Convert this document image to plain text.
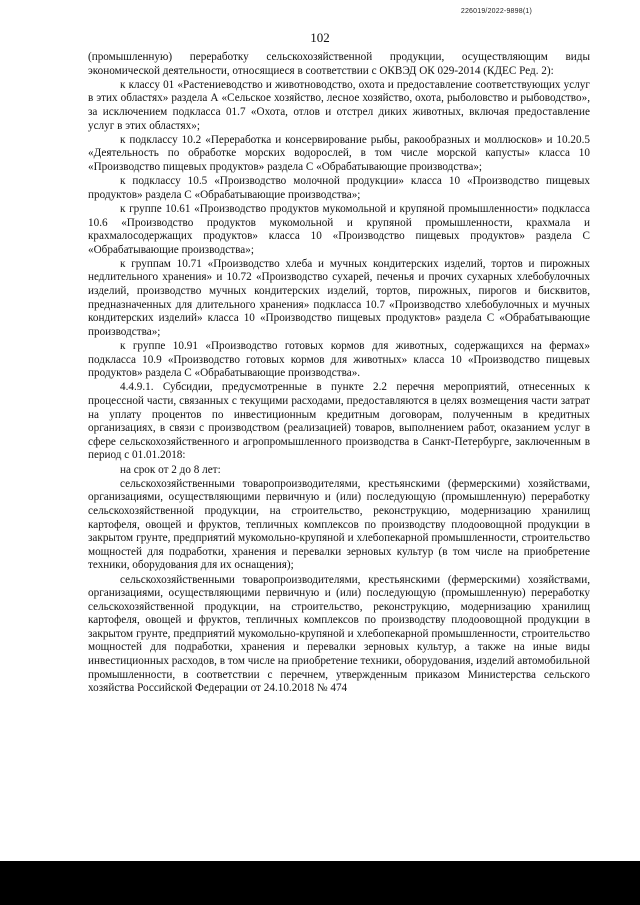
226019/2022-9898(1)
102

(промышленную) переработку сельскохозяйственной продукции, осуществляющим виды экономической деятельности, относящиеся в соответствии с ОКВЭД ОК 029-2014 (КДЕС Ред. 2):

к классу 01 «Растениеводство и животноводство, охота и предоставление соответствующих услуг в этих областях» раздела А «Сельское хозяйство, лесное хозяйство, охота, рыболовство и рыбоводство», за исключением подкласса 01.7 «Охота, отлов и отстрел диких животных, включая предоставление услуг в этих областях»;

к подклассу 10.2 «Переработка и консервирование рыбы, ракообразных и моллюсков» и 10.20.5 «Деятельность по обработке морских водорослей, в том числе морской капусты» класса 10 «Производство пищевых продуктов» раздела С «Обрабатывающие производства»;

к подклассу 10.5 «Производство молочной продукции» класса 10 «Производство пищевых продуктов» раздела С «Обрабатывающие производства»;

к группе 10.61 «Производство продуктов мукомольной и крупяной промышленности» подкласса 10.6 «Производство продуктов мукомольной и крупяной промышленности, крахмала и крахмалосодержащих продуктов» класса 10 «Производство пищевых продуктов» раздела С «Обрабатывающие производства»;

к группам 10.71 «Производство хлеба и мучных кондитерских изделий, тортов и пирожных недлительного хранения» и 10.72 «Производство сухарей, печенья и прочих сухарных хлебобулочных изделий, производство мучных кондитерских изделий, тортов, пирожных, пирогов и бисквитов, предназначенных для длительного хранения» подкласса 10.7 «Производство хлебобулочных и мучных кондитерских изделий» класса 10 «Производство пищевых продуктов» раздела С «Обрабатывающие производства»;

к группе 10.91 «Производство готовых кормов для животных, содержащихся на фермах» подкласса 10.9 «Производство готовых кормов для животных» класса 10 «Производство пищевых продуктов» раздела С «Обрабатывающие производства».

4.4.9.1. Субсидии, предусмотренные в пункте 2.2 перечня мероприятий, отнесенных к процессной части, связанных с текущими расходами, предоставляются в целях возмещения части затрат на уплату процентов по инвестиционным кредитным договорам, полученным в кредитных организациях, в связи с производством (реализацией) товаров, выполнением работ, оказанием услуг в сфере сельскохозяйственного и агропромышленного производства в Санкт-Петербурге, заключенным в период с 01.01.2018:

на срок от 2 до 8 лет:

сельскохозяйственными товаропроизводителями, крестьянскими (фермерскими) хозяйствами, организациями, осуществляющими первичную и (или) последующую (промышленную) переработку сельскохозяйственной продукции, на строительство, реконструкцию, модернизацию хранилищ картофеля, овощей и фруктов, тепличных комплексов по производству плодоовощной продукции в закрытом грунте, предприятий мукомольно-крупяной и хлебопекарной промышленности, строительство мощностей для подработки, хранения и перевалки зерновых культур (в том числе на приобретение техники, оборудования для их оснащения);

сельскохозяйственными товаропроизводителями, крестьянскими (фермерскими) хозяйствами, организациями, осуществляющими первичную и (или) последующую (промышленную) переработку сельскохозяйственной продукции, на строительство, реконструкцию, модернизацию хранилищ картофеля, овощей и фруктов, тепличных комплексов по производству плодоовощной продукции в закрытом грунте, предприятий мукомольно-крупяной и хлебопекарной промышленности, строительство мощностей для подработки, хранения и перевалки зерновых культур, а также на иные виды инвестиционных расходов, в том числе на приобретение техники, оборудования, изделий автомобильной промышленности, в соответствии с перечнем, утвержденным приказом Министерства сельского хозяйства Российской Федерации от 24.10.2018 № 474
